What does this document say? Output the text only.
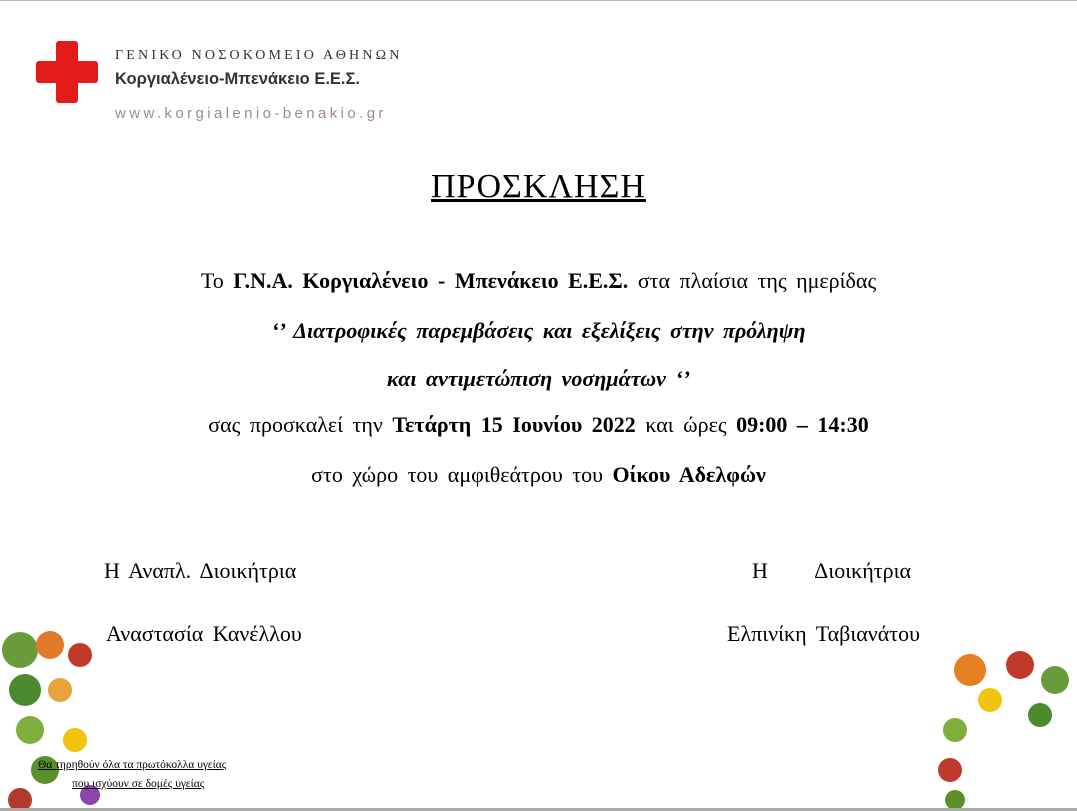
ΓΕΝΙΚΟ ΝΟΣΟΚΟΜΕΙΟ ΑΘΗΝΩΝ
Κοργιαλένειο-Μπενάκειο Ε.Ε.Σ.
www.korgialenio-benakio.gr
ΠΡΟΣΚΛΗΣΗ
Το Γ.Ν.Α. Κοργιαλένειο - Μπενάκειο Ε.Ε.Σ. στα πλαίσια της ημερίδας
‘’ Διατροφικές παρεμβάσεις και εξελίξεις στην πρόληψη
και αντιμετώπιση νοσημάτων ‘’
σας προσκαλεί την Τετάρτη 15 Ιουνίου 2022 και ώρες 09:00 – 14:30
στο χώρο του αμφιθεάτρου του Οίκου Αδελφών
Η Αναπλ. Διοικήτρια
Αναστασία Κανέλλου
Η     Διοικήτρια
Ελπινίκη Ταβιανάτου
Θα τηρηθούν όλα τα πρωτόκολλα υγείας
που ισχύουν σε δομές υγείας
